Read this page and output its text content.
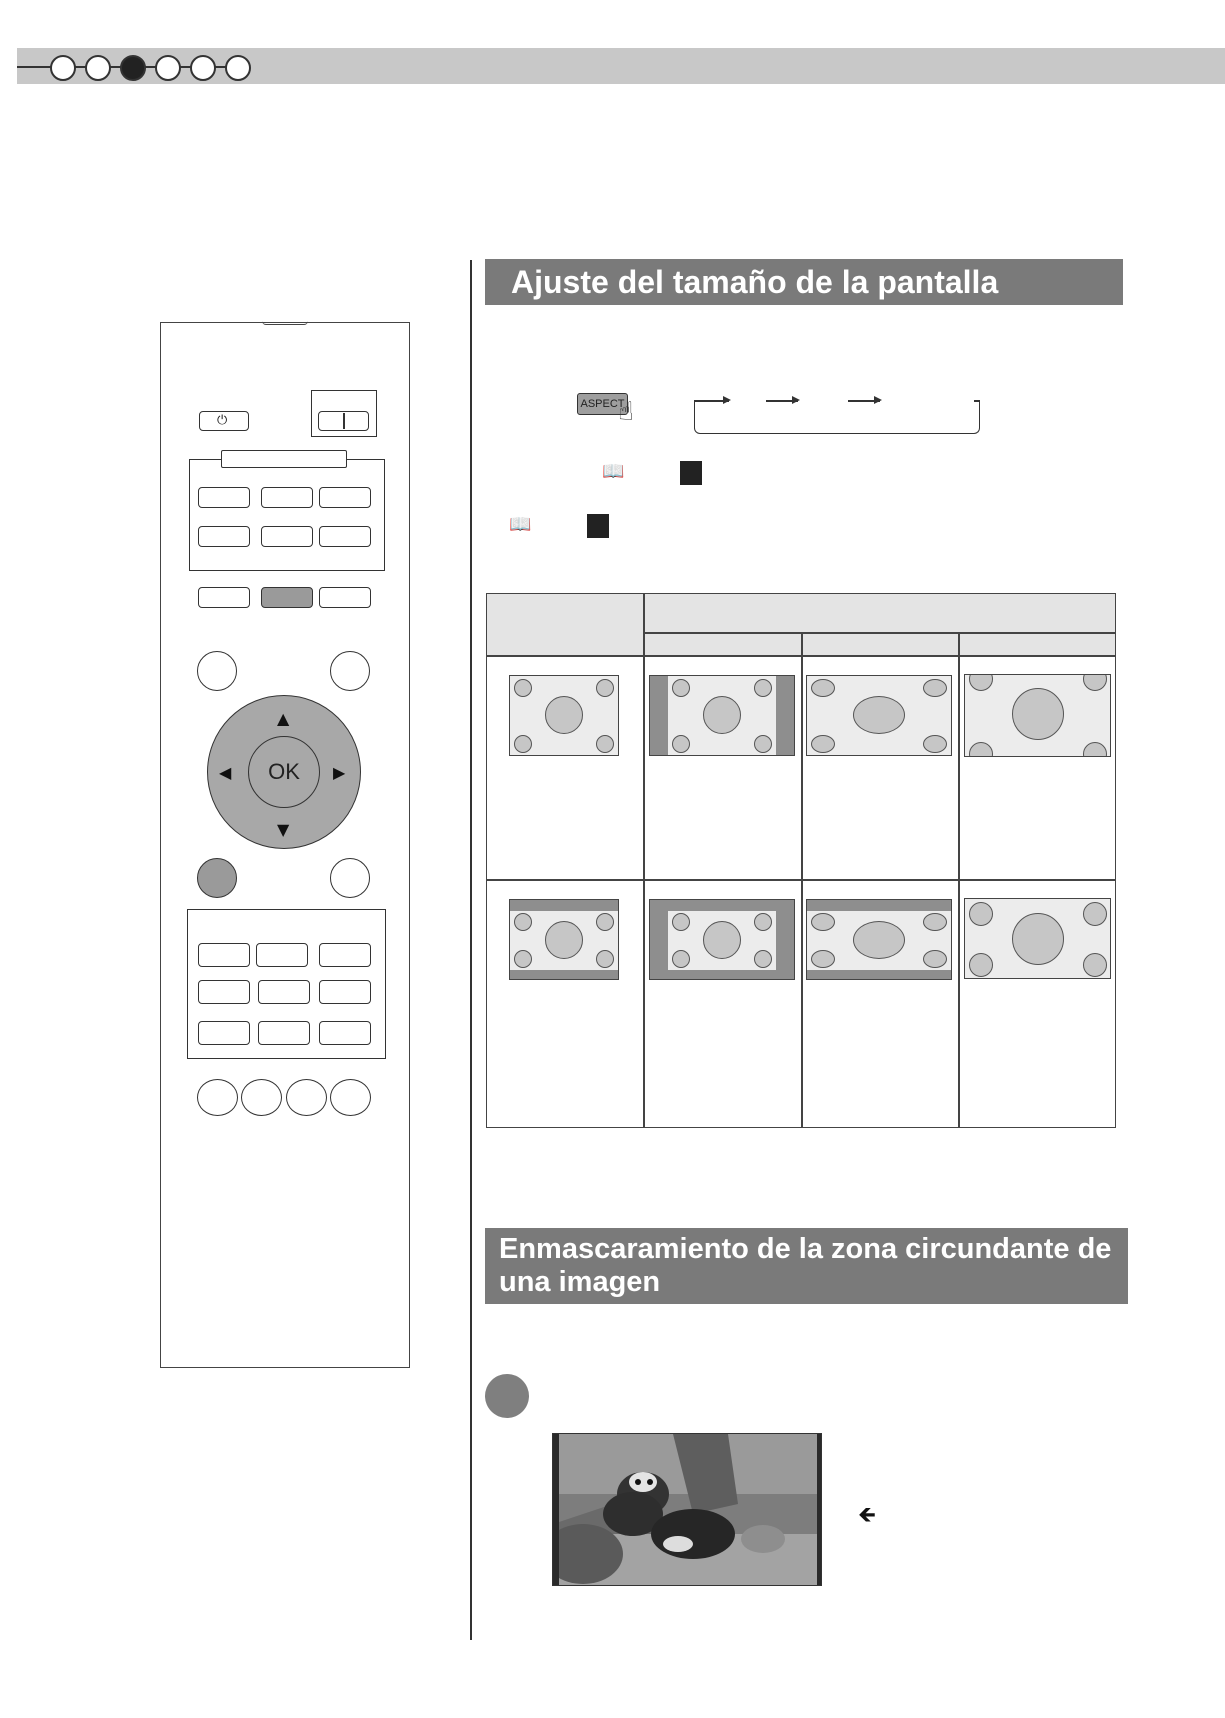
⏻
OK
▲
▼
◀	▶
Ajuste del tamaño de la pantalla
ASPECT
☝
📖
📖
Enmascaramiento de la zona circundante de
una imagen
🡸
